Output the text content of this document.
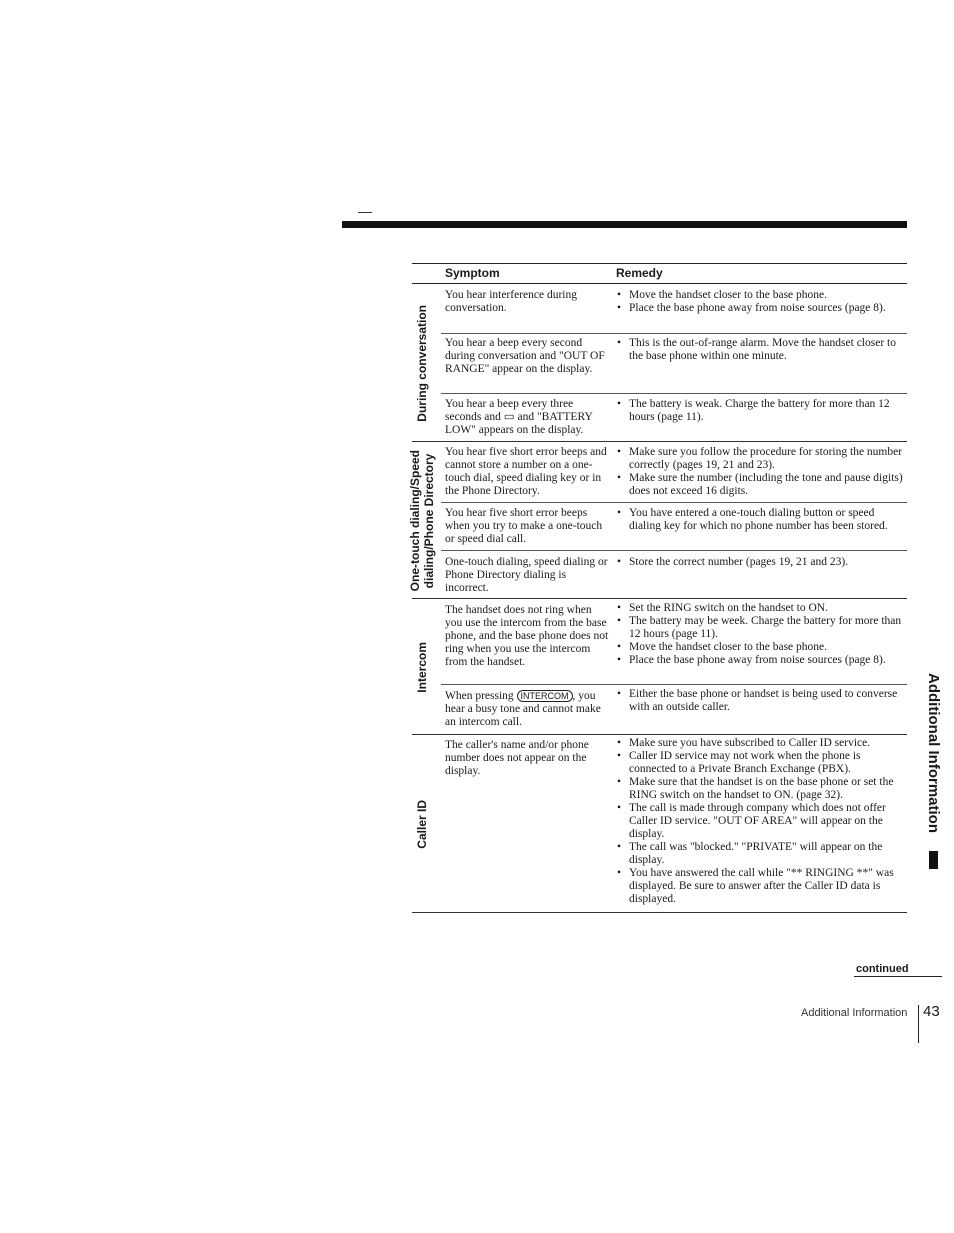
Symptom	Remedy
During conversation
You hear interference during conversation.
• Move the handset closer to the base phone.
• Place the base phone away from noise sources (page 8).
You hear a beep every second during conversation and "OUT OF RANGE" appear on the display.
• This is the out-of-range alarm. Move the handset closer to the base phone within one minute.
You hear a beep every three seconds and ▭ and "BATTERY LOW" appears on the display.
• The battery is weak. Charge the battery for more than 12 hours (page 11).
One-touch dialing/Speed
dialing/Phone Directory
You hear five short error beeps and cannot store a number on a one-touch dial, speed dialing key or in the Phone Directory.
• Make sure you follow the procedure for storing the number correctly (pages 19, 21 and 23).
• Make sure the number (including the tone and pause digits) does not exceed 16 digits.
You hear five short error beeps when you try to make a one-touch or speed dial call.
• You have entered a one-touch dialing button or speed dialing key for which no phone number has been stored.
One-touch dialing, speed dialing or Phone Directory dialing is incorrect.
• Store the correct number (pages 19, 21 and 23).
Intercom
The handset does not ring when you use the intercom from the base phone, and the base phone does not ring when you use the intercom from the handset.
• Set the RING switch on the handset to ON.
• The battery may be week. Charge the battery for more than 12 hours (page 11).
• Move the handset closer to the base phone.
• Place the base phone away from noise sources (page 8).
When pressing INTERCOM , you hear a busy tone and cannot make an intercom call.
• Either the base phone or handset is being used to converse with an outside caller.
Caller ID
The caller's name and/or phone number does not appear on the display.
• Make sure you have subscribed to Caller ID service.
• Caller ID service may not work when the phone is connected to a Private Branch Exchange (PBX).
• Make sure that the handset is on the base phone or set the RING switch on the handset to ON. (page 32).
• The call is made through company which does not offer Caller ID service. "OUT OF AREA" will appear on the display.
• The call was "blocked." "PRIVATE" will appear on the display.
• You have answered the call while "** RINGING **" was displayed. Be sure to answer after the Caller ID data is displayed.
Additional Information
continued
Additional Information 43
